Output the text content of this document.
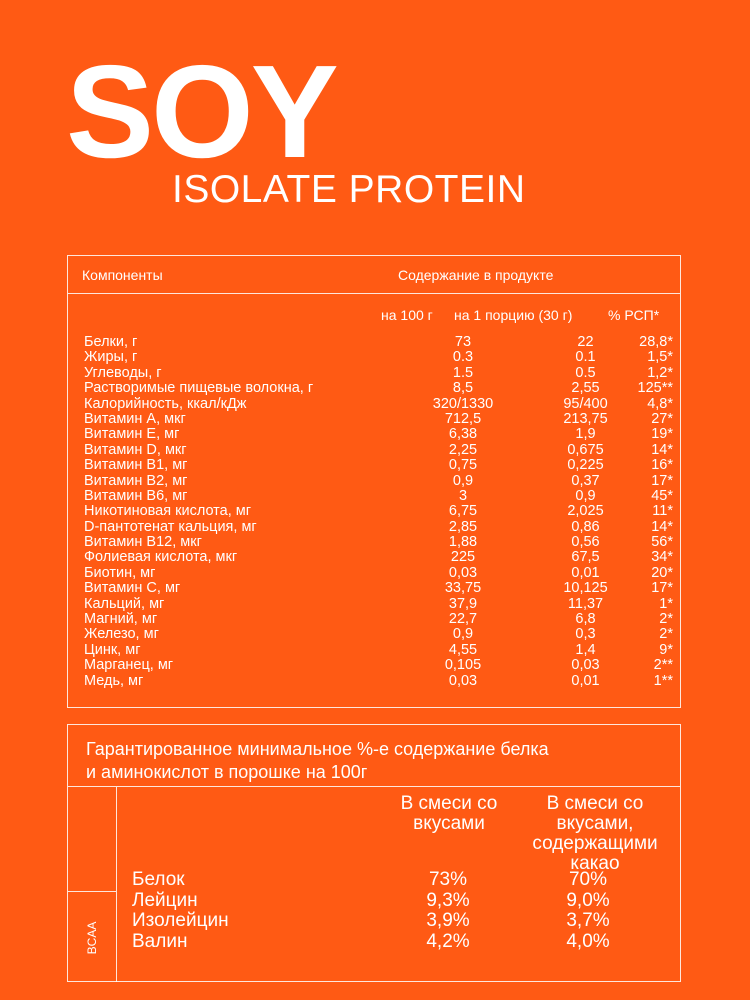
SOY
ISOLATE PROTEIN
Компоненты	Содержание в продукте
на 100 г на 1 порцию (30 г)	% РСП*
Белки, г	73	22	28,8*
Жиры, г	0.3	0.1	1,5*
Углеводы, г	1.5	0.5	1,2*
Растворимые пищевые волокна, г	8,5	2,55	125**
Калорийность, ккал/кДж	320/1330	95/400	4,8*
Витамин А, мкг	712,5	213,75	27*
Витамин Е, мг	6,38	1,9	19*
Витамин D, мкг	2,25	0,675	14*
Витамин В1, мг	0,75	0,225	16*
Витамин В2, мг	0,9	0,37	17*
Витамин В6, мг	3	0,9	45*
Никотиновая кислота, мг	6,75	2,025	11*
D-пантотенат кальция, мг	2,85	0,86	14*
Витамин В12, мкг	1,88	0,56	56*
Фолиевая кислота, мкг	225	67,5	34*
Биотин, мг	0,03	0,01	20*
Витамин С, мг	33,75	10,125	17*
Кальций, мг	37,9	11,37	1*
Магний, мг	22,7	6,8	2*
Железо, мг	0,9	0,3	2*
Цинк, мг	4,55	1,4	9*
Марганец, мг	0,105	0,03	2**
Медь, мг	0,03	0,01	1**
Гарантированное минимальное %-е содержание белка
и аминокислот в порошке на 100г
BCAA
В смеси со
вкусами
В смеси со
вкусами,
содержащими
какао
Белок	73%	70%
Лейцин	9,3%	9,0%
Изолейцин	3,9%	3,7%
Валин	4,2%	4,0%
